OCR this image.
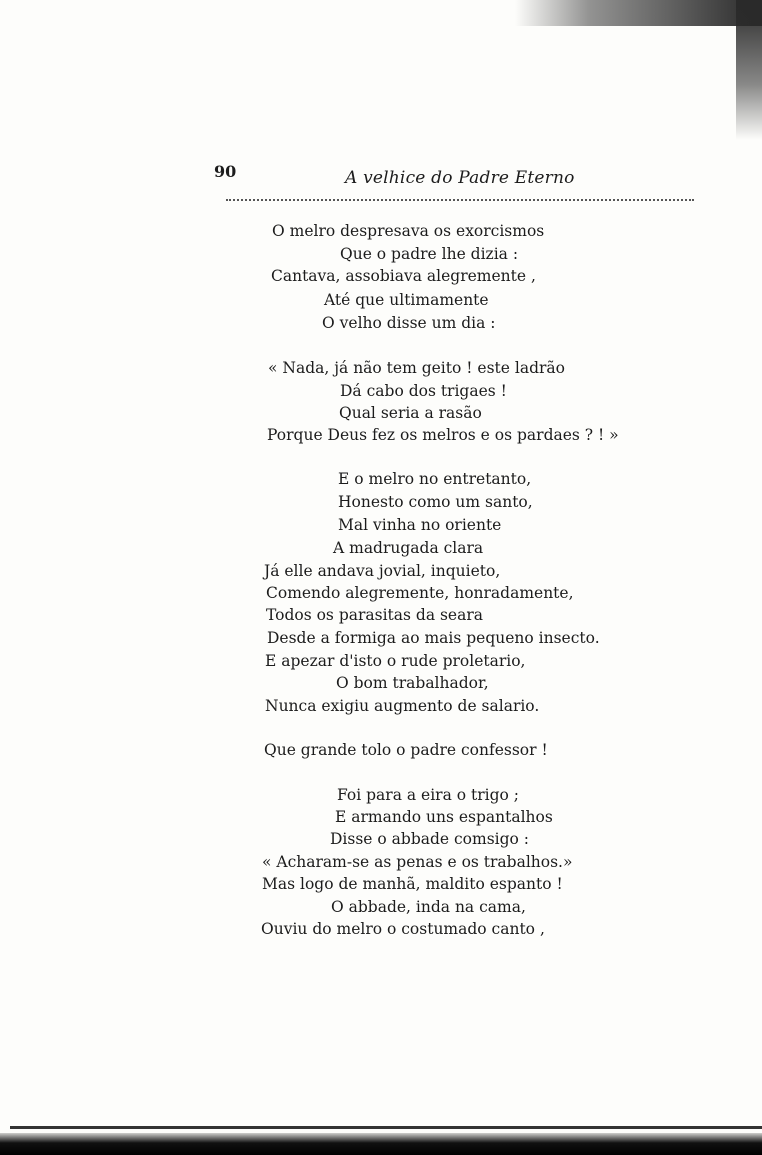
90	A velhice do Padre Eterno
O melro despresava os exorcismos
Que o padre lhe dizia :
Cantava, assobiava alegremente ,
Até que ultimamente
O velho disse um dia :
« Nada, já não tem geito ! este ladrão
Dá cabo dos trigaes !
Qual seria a rasão
Porque Deus fez os melros e os pardaes ? ! »
E o melro no entretanto,
Honesto como um santo,
Mal vinha no oriente
A madrugada clara
Já elle andava jovial, inquieto,
Comendo alegremente, honradamente,
Todos os parasitas da seara
Desde a formiga ao mais pequeno insecto.
E apezar d'isto o rude proletario,
O bom trabalhador,
Nunca exigiu augmento de salario.
Que grande tolo o padre confessor !
Foi para a eira o trigo ;
E armando uns espantalhos
Disse o abbade comsigo :
« Acharam-se as penas e os trabalhos.»
Mas logo de manhã, maldito espanto !
O abbade, inda na cama,
Ouviu do melro o costumado canto ,
